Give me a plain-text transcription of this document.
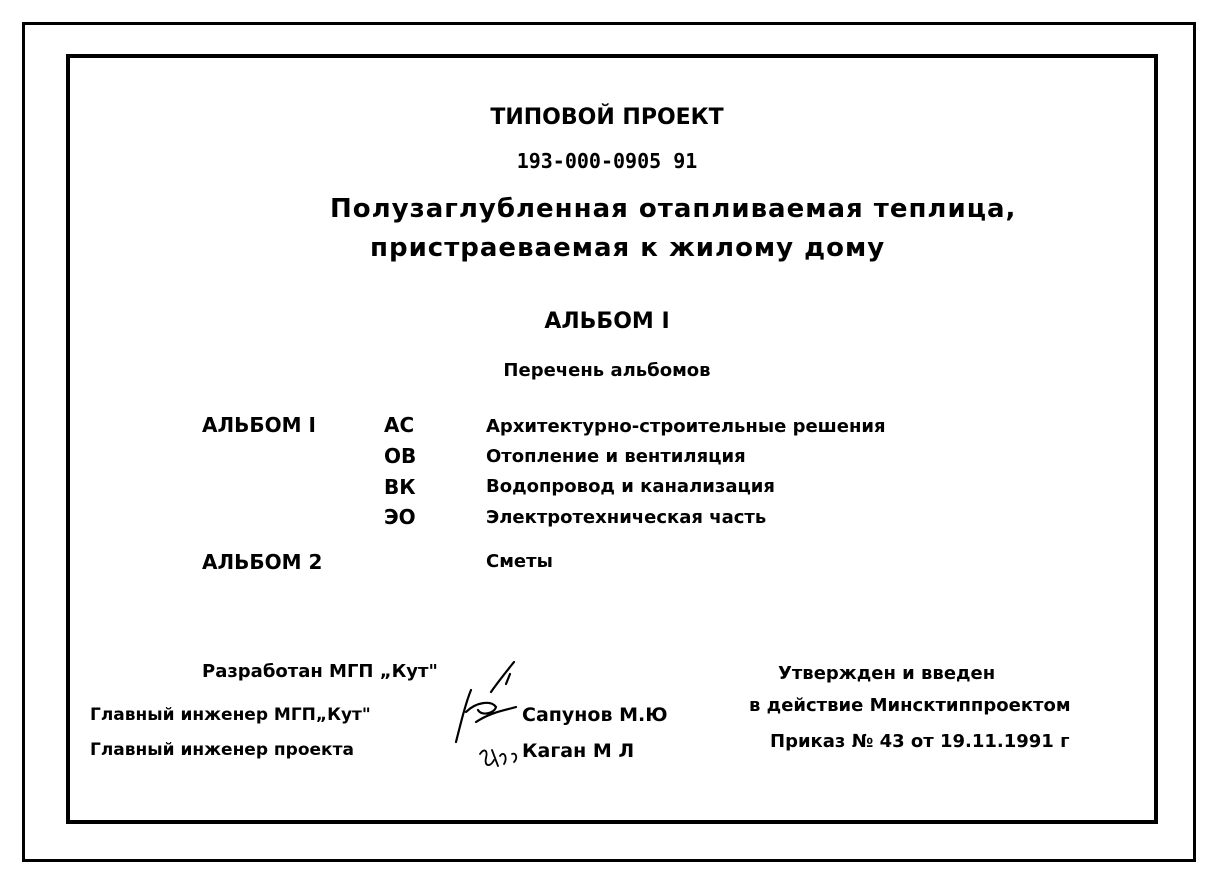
ТИПОВОЙ ПРОЕКТ
193-000-0905 91
Полузаглубленная отапливаемая теплица,
пристраеваемая к жилому дому
АЛЬБОМ I
Перечень альбомов
АЛЬБОМ I	АС	Архитектурно-строительные решения
ОВ	Отопление и вентиляция
ВК	Водопровод и канализация
ЭО	Электротехническая часть
АЛЬБОМ 2	Сметы
Разработан МГП „Кут"
Главный инженер МГП„Кут"	Сапунов М.Ю
Главный инженер проекта	Каган М Л
Утвержден и введен
в действие Минсктиппроектом
Приказ № 43 от 19.11.1991 г
